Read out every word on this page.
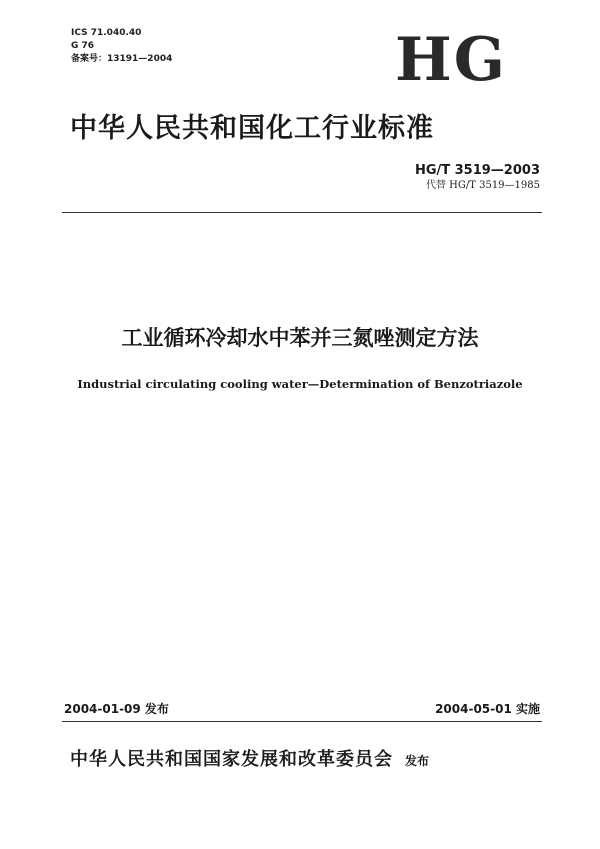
ICS 71.040.40
G 76
备案号：13191—2004	HG
中华人民共和国化工行业标准
HG/T 3519—2003
代替 HG/T 3519—1985
工业循环冷却水中苯并三氮唑测定方法
Industrial circulating cooling water—Determination of Benzotriazole
2004-01-09 发布	2004-05-01 实施
中华人民共和国国家发展和改革委员会 发布
